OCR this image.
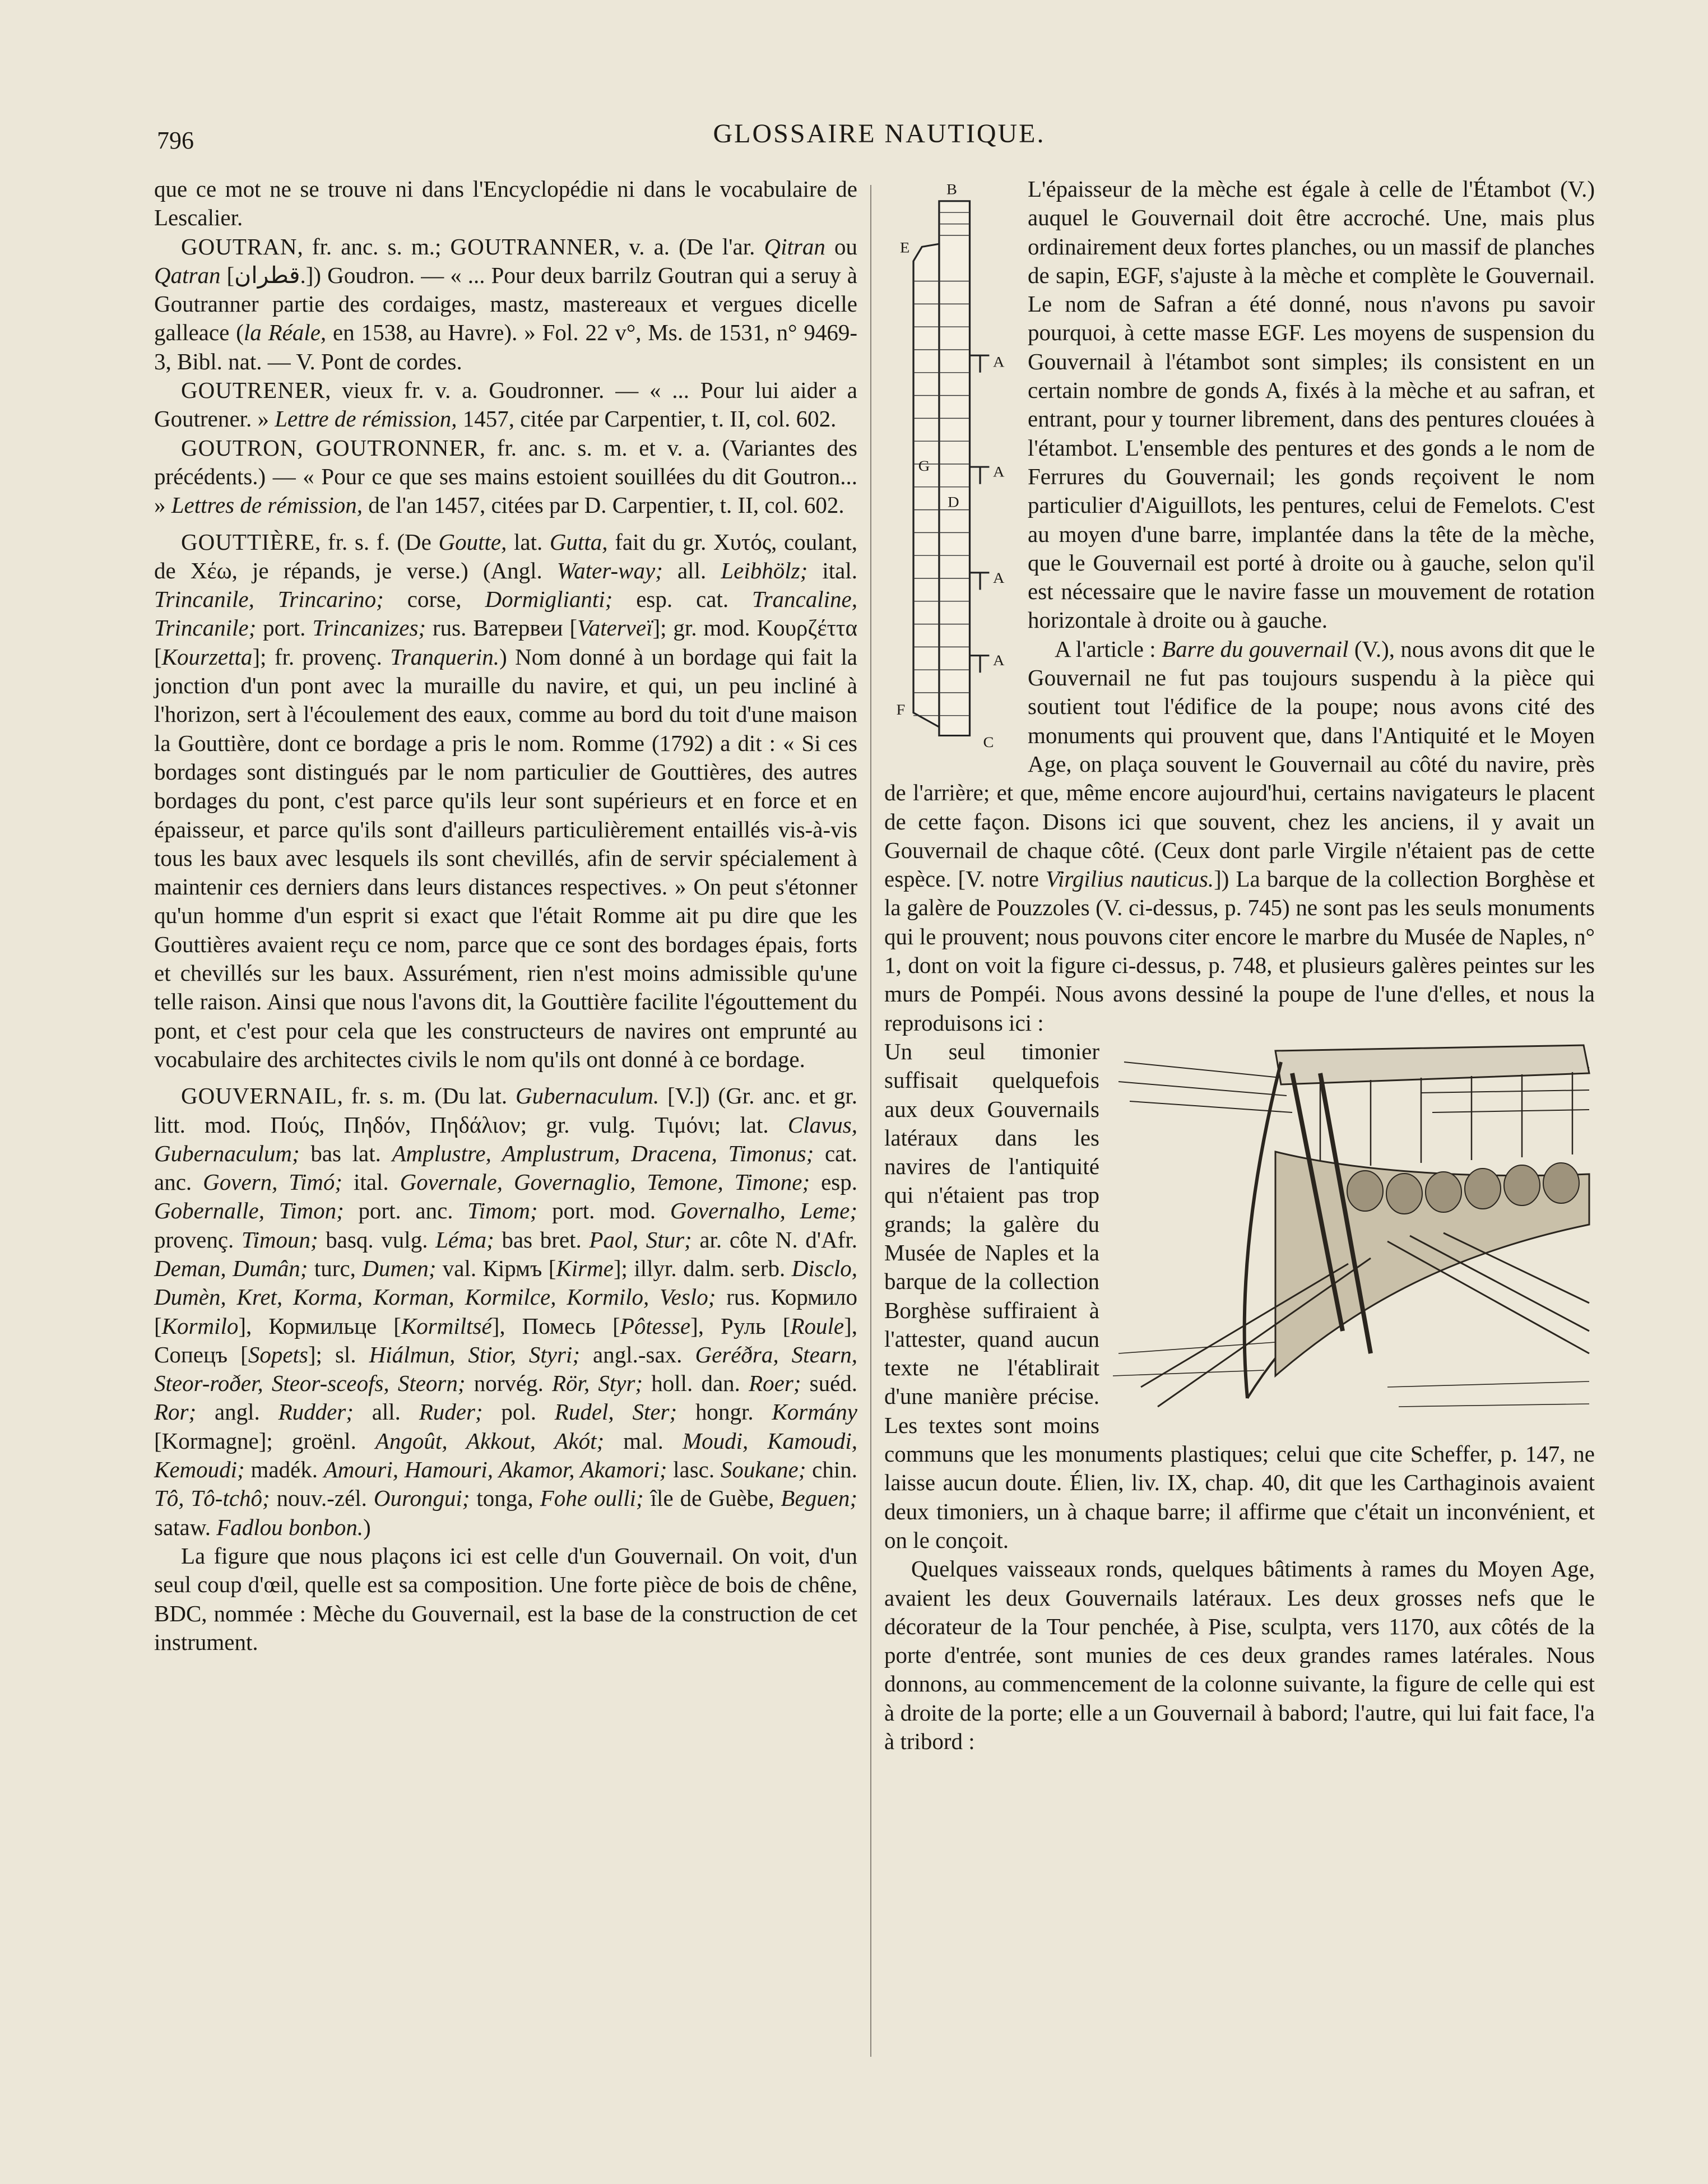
796	GLOSSAIRE NAUTIQUE.

que ce mot ne se trouve ni dans l'Encyclopédie ni dans le vocabulaire de Lescalier.

GOUTRAN, fr. anc. s. m.; GOUTRANNER, v. a. (De l'ar. Qitran ou Qatran [قطران.]) Goudron. — « ... Pour deux barrilz Goutran qui a seruy à Goutranner partie des cordaiges, mastz, mastereaux et vergues dicelle galleace (la Réale, en 1538, au Havre). » Fol. 22 v°, Ms. de 1531, n° 9469-3, Bibl. nat. — V. Pont de cordes.

GOUTRENER, vieux fr. v. a. Goudronner. — « ... Pour lui aider a Goutrener. » Lettre de rémission, 1457, citée par Carpentier, t. II, col. 602.

GOUTRON, GOUTRONNER, fr. anc. s. m. et v. a. (Variantes des précédents.) — « Pour ce que ses mains estoient souillées du dit Goutron... » Lettres de rémission, de l'an 1457, citées par D. Carpentier, t. II, col. 602.

GOUTTIÈRE, fr. s. f. (De Goutte, lat. Gutta, fait du gr. Χυτός, coulant, de Χέω, je répands, je verse.) (Angl. Water-way; all. Leibhölz; ital. Trincanile, Trincarino; corse, Dormiglianti; esp. cat. Trancaline, Trincanile; port. Trincanizes; rus. Ватервеи [Vaterveï]; gr. mod. Κουρζέττα [Kourzetta]; fr. provenç. Tranquerin.) Nom donné à un bordage qui fait la jonction d'un pont avec la muraille du navire, et qui, un peu incliné à l'horizon, sert à l'écoulement des eaux, comme au bord du toit d'une maison la Gouttière, dont ce bordage a pris le nom. Romme (1792) a dit : « Si ces bordages sont distingués par le nom particulier de Gouttières, des autres bordages du pont, c'est parce qu'ils leur sont supérieurs et en force et en épaisseur, et parce qu'ils sont d'ailleurs particulièrement entaillés vis-à-vis tous les baux avec lesquels ils sont chevillés, afin de servir spécialement à maintenir ces derniers dans leurs distances respectives. » On peut s'étonner qu'un homme d'un esprit si exact que l'était Romme ait pu dire que les Gouttières avaient reçu ce nom, parce que ce sont des bordages épais, forts et chevillés sur les baux. Assurément, rien n'est moins admissible qu'une telle raison. Ainsi que nous l'avons dit, la Gouttière facilite l'égouttement du pont, et c'est pour cela que les constructeurs de navires ont emprunté au vocabulaire des architectes civils le nom qu'ils ont donné à ce bordage.

GOUVERNAIL, fr. s. m. (Du lat. Gubernaculum. [V.]) (Gr. anc. et gr. litt. mod. Πούς, Πηδόν, Πηδάλιον; gr. vulg. Τιμόνι; lat. Clavus, Gubernaculum; bas lat. Amplustre, Amplustrum, Dracena, Timonus; cat. anc. Govern, Timó; ital. Governale, Governaglio, Temone, Timone; esp. Gobernalle, Timon; port. anc. Timom; port. mod. Governalho, Leme; provenç. Timoun; basq. vulg. Léma; bas bret. Paol, Stur; ar. côte N. d'Afr. Deman, Dumân; turc, Dumen; val. Кірмъ [Kirme]; illyr. dalm. serb. Disclo, Dumèn, Kret, Korma, Korman, Kormilce, Kormilo, Veslo; rus. Кормило [Kormilo], Кормильце [Kormiltsé], Помесь [Pôtesse], Руль [Roule], Сопецъ [Sopets]; sl. Hiálmun, Stior, Styri; angl.-sax. Geréðra, Stearn, Steor-roðer, Steor-sceofs, Steorn; norvég. Rör, Styr; holl. dan. Roer; suéd. Ror; angl. Rudder; all. Ruder; pol. Rudel, Ster; hongr. Kormány [Kormagne]; groënl. Angoût, Akkout, Akót; mal. Moudi, Kamoudi, Kemoudi; madék. Amouri, Hamouri, Akamor, Akamori; lasc. Soukane; chin. Tô, Tô-tchô; nouv.-zél. Ourongui; tonga, Fohe oulli; île de Guèbe, Beguen; sataw. Fadlou bonbon.)

La figure que nous plaçons ici est celle d'un Gouvernail. On voit, d'un seul coup d'œil, quelle est sa composition. Une forte pièce de bois de chêne, BDC, nommée : Mèche du Gouvernail, est la base de la construction de cet instrument.

B
E
A
A
A
A
G
D
F
C

L'épaisseur de la mèche est égale à celle de l'Étambot (V.) auquel le Gouvernail doit être accroché. Une, mais plus ordinairement deux fortes planches, ou un massif de planches de sapin, EGF, s'ajuste à la mèche et complète le Gouvernail. Le nom de Safran a été donné, nous n'avons pu savoir pourquoi, à cette masse EGF. Les moyens de suspension du Gouvernail à l'étambot sont simples; ils consistent en un certain nombre de gonds A, fixés à la mèche et au safran, et entrant, pour y tourner librement, dans des pentures clouées à l'étambot. L'ensemble des pentures et des gonds a le nom de Ferrures du Gouvernail; les gonds reçoivent le nom particulier d'Aiguillots, les pentures, celui de Femelots. C'est au moyen d'une barre, implantée dans la tête de la mèche, que le Gouvernail est porté à droite ou à gauche, selon qu'il est nécessaire que le navire fasse un mouvement de rotation horizontale à droite ou à gauche.

A l'article : Barre du gouvernail (V.), nous avons dit que le Gouvernail ne fut pas toujours suspendu à la pièce qui soutient tout l'édifice de la poupe; nous avons cité des monuments qui prouvent que, dans l'Antiquité et le Moyen Age, on plaça souvent le Gouvernail au côté du navire, près de l'arrière; et que, même encore aujourd'hui, certains navigateurs le placent de cette façon. Disons ici que souvent, chez les anciens, il y avait un Gouvernail de chaque côté. (Ceux dont parle Virgile n'étaient pas de cette espèce. [V. notre Virgilius nauticus.]) La barque de la collection Borghèse et la galère de Pouzzoles (V. ci-dessus, p. 745) ne sont pas les seuls monuments qui le prouvent; nous pouvons citer encore le marbre du Musée de Naples, n° 1, dont on voit la figure ci-dessus, p. 748, et plusieurs galères peintes sur les murs de Pompéi. Nous avons dessiné la poupe de l'une d'elles, et nous la reproduisons ici :

Un seul timonier suffisait quelquefois aux deux Gouvernails latéraux dans les navires de l'antiquité qui n'étaient pas trop grands; la galère du Musée de Naples et la barque de la collection Borghèse suffiraient à l'attester, quand aucun texte ne l'établirait d'une manière précise. Les textes sont moins communs que les monuments plastiques; celui que cite Scheffer, p. 147, ne laisse aucun doute. Élien, liv. IX, chap. 40, dit que les Carthaginois avaient deux timoniers, un à chaque barre; il affirme que c'était un inconvénient, et on le conçoit.

Quelques vaisseaux ronds, quelques bâtiments à rames du Moyen Age, avaient les deux Gouvernails latéraux. Les deux grosses nefs que le décorateur de la Tour penchée, à Pise, sculpta, vers 1170, aux côtés de la porte d'entrée, sont munies de ces deux grandes rames latérales. Nous donnons, au commencement de la colonne suivante, la figure de celle qui est à droite de la porte; elle a un Gouvernail à babord; l'autre, qui lui fait face, l'a à tribord :
